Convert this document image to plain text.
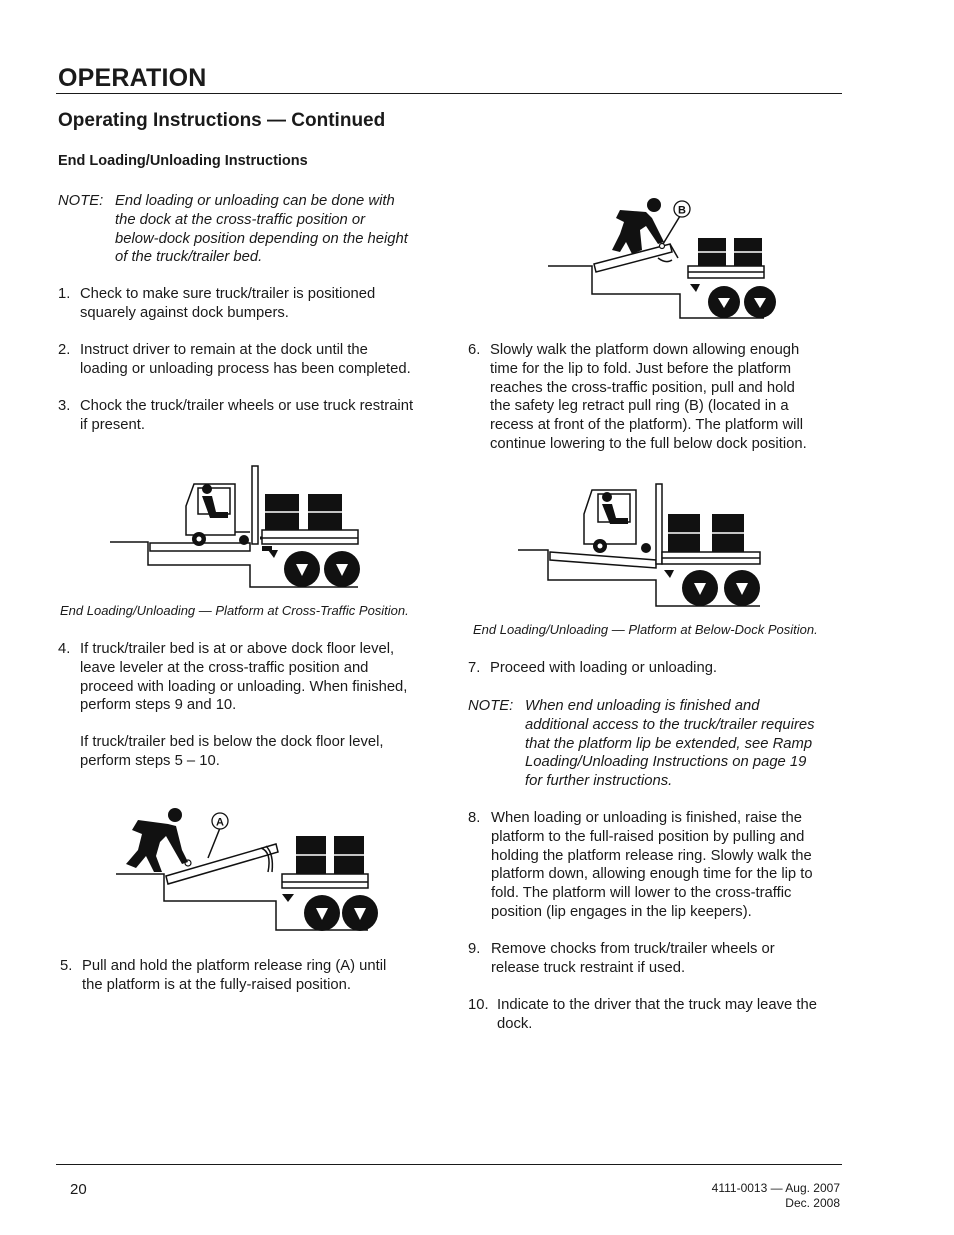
OPERATION
Operating Instructions — Continued
End Loading/Unloading Instructions
NOTE: End loading or unloading can be done with
the dock at the cross-traffic position or
below-dock position depending on the height
of the truck/trailer bed.
1. Check to make sure truck/trailer is positioned
squarely against dock bumpers.
2. Instruct driver to remain at the dock until the
loading or unloading process has been completed.
3. Chock the truck/trailer wheels or use truck restraint
if present.
End Loading/Unloading — Platform at Cross-Traffic Position.
4. If truck/trailer bed is at or above dock floor level,
leave leveler at the cross-traffic position and
proceed with loading or unloading. When finished,
perform steps 9 and 10.
If truck/trailer bed is below the dock floor level,
perform steps 5 – 10.
A
5. Pull and hold the platform release ring (A) until
the platform is at the fully-raised position.
B
6. Slowly walk the platform down allowing enough
time for the lip to fold. Just before the platform
reaches the cross-traffic position, pull and hold
the safety leg retract pull ring (B) (located in a
recess at front of the platform). The platform will
continue lowering to the full below dock position.
End Loading/Unloading — Platform at Below-Dock Position.
7. Proceed with loading or unloading.
NOTE: When end unloading is finished and
additional access to the truck/trailer requires
that the platform lip be extended, see Ramp
Loading/Unloading Instructions on page 19
for further instructions.
8. When loading or unloading is finished, raise the
platform to the full-raised position by pulling and
holding the platform release ring. Slowly walk the
platform down, allowing enough time for the lip to
fold. The platform will lower to the cross-traffic
position (lip engages in the lip keepers).
9. Remove chocks from truck/trailer wheels or
release truck restraint if used.
10. Indicate to the driver that the truck may leave the
dock.
20	4111-0013 — Aug. 2007
Dec. 2008
